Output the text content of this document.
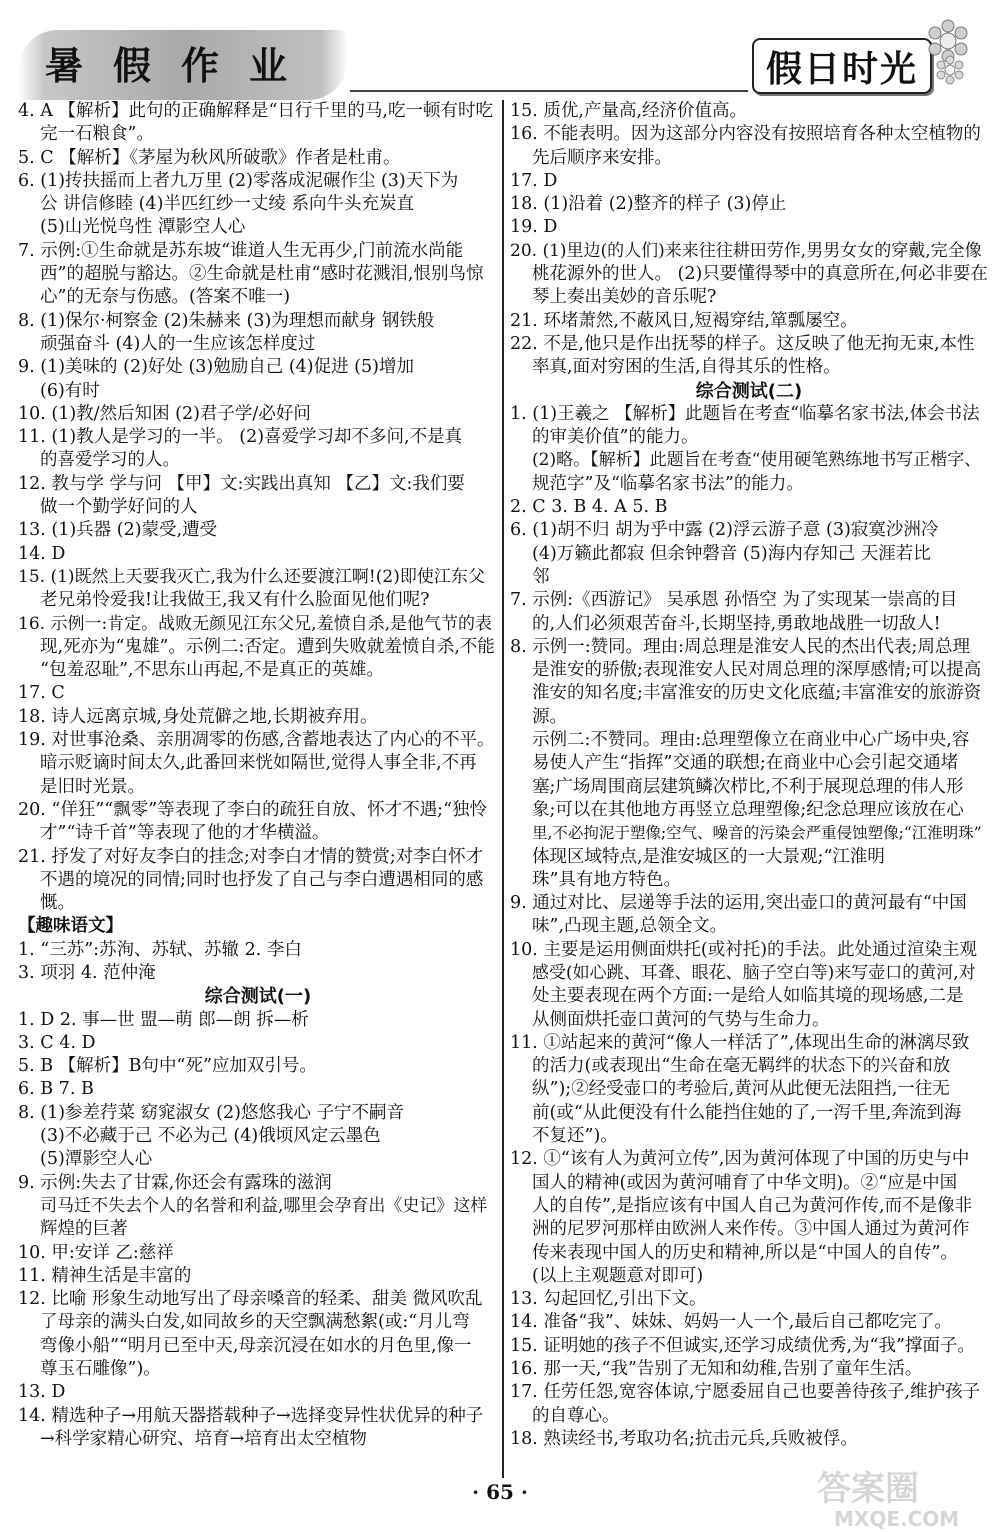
暑 假 作 业	假日时光
4. A 【解析】此句的正确解释是“日行千里的马,吃一顿有时吃
完一石粮食”。
5. C 【解析】《茅屋为秋风所破歌》作者是杜甫。
6. (1)抟扶摇而上者九万里 (2)零落成泥碾作尘 (3)天下为
公 讲信修睦 (4)半匹红纱一丈绫 系向牛头充炭直
(5)山光悦鸟性 潭影空人心
7. 示例:①生命就是苏东坡“谁道人生无再少,门前流水尚能
西”的超脱与豁达。②生命就是杜甫“感时花溅泪,恨别鸟惊
心”的无奈与伤感。(答案不唯一)
8. (1)保尔·柯察金 (2)朱赫来 (3)为理想而献身 钢铁般
顽强奋斗 (4)人的一生应该怎样度过
9. (1)美味的 (2)好处 (3)勉励自己 (4)促进 (5)增加
(6)有时
10. (1)教/然后知困 (2)君子学/必好问
11. (1)教人是学习的一半。 (2)喜爱学习却不多问,不是真
的喜爱学习的人。
12. 教与学 学与问 【甲】文:实践出真知 【乙】文:我们要
做一个勤学好问的人
13. (1)兵器 (2)蒙受,遭受
14. D
15. (1)既然上天要我灭亡,我为什么还要渡江啊!(2)即使江东父
老兄弟怜爱我!让我做王,我又有什么脸面见他们呢?
16. 示例一:肯定。战败无颜见江东父兄,羞愤自杀,是他气节的表
现,死亦为“鬼雄”。示例二:否定。遭到失败就羞愤自杀,不能
“包羞忍耻”,不思东山再起,不是真正的英雄。
17. C
18. 诗人远离京城,身处荒僻之地,长期被弃用。
19. 对世事沧桑、亲朋凋零的伤感,含蓄地表达了内心的不平。
暗示贬谪时间太久,此番回来恍如隔世,觉得人事全非,不再
是旧时光景。
20. “佯狂”“飘零”等表现了李白的疏狂自放、怀才不遇;“独怜
才”“诗千首”等表现了他的才华横溢。
21. 抒发了对好友李白的挂念;对李白才情的赞赏;对李白怀才
不遇的境况的同情;同时也抒发了自己与李白遭遇相同的感
慨。
【趣味语文】
1. “三苏”:苏洵、苏轼、苏辙 2. 李白
3. 项羽 4. 范仲淹
综合测试(一)
1. D 2. 事—世 盟—萌 郎—朗 拆—析
3. C 4. D
5. B 【解析】B句中“死”应加双引号。
6. B 7. B
8. (1)参差荇菜 窈窕淑女 (2)悠悠我心 子宁不嗣音
(3)不必藏于己 不必为己 (4)俄顷风定云墨色
(5)潭影空人心
9. 示例:失去了甘霖,你还会有露珠的滋润
司马迁不失去个人的名誉和利益,哪里会孕育出《史记》这样
辉煌的巨著
10. 甲:安详 乙:慈祥
11. 精神生活是丰富的
12. 比喻 形象生动地写出了母亲嗓音的轻柔、甜美 微风吹乱
了母亲的满头白发,如同故乡的天空飘满愁絮(或:“月儿弯
弯像小船”“明月已至中天,母亲沉浸在如水的月色里,像一
尊玉石雕像”)。
13. D
14. 精选种子→用航天器搭载种子→选择变异性状优异的种子
→科学家精心研究、培育→培育出太空植物
15. 质优,产量高,经济价值高。
16. 不能表明。因为这部分内容没有按照培育各种太空植物的
先后顺序来安排。
17. D
18. (1)沿着 (2)整齐的样子 (3)停止
19. D
20. (1)里边(的人们)来来往往耕田劳作,男男女女的穿戴,完全像
桃花源外的世人。 (2)只要懂得琴中的真意所在,何必非要在
琴上奏出美妙的音乐呢?
21. 环堵萧然,不蔽风日,短褐穿结,箪瓢屡空。
22. 不是,他只是作出抚琴的样子。这反映了他无拘无束,本性
率真,面对穷困的生活,自得其乐的性格。
综合测试(二)
1. (1)王羲之 【解析】此题旨在考查“临摹名家书法,体会书法
的审美价值”的能力。
(2)略。【解析】此题旨在考查“使用硬笔熟练地书写正楷字、
规范字”及“临摹名家书法”的能力。
2. C 3. B 4. A 5. B
6. (1)胡不归 胡为乎中露 (2)浮云游子意 (3)寂寞沙洲冷
(4)万籁此都寂 但余钟磬音 (5)海内存知己 天涯若比
邻
7. 示例:《西游记》 吴承恩 孙悟空 为了实现某一崇高的目
的,人们必须艰苦奋斗,长期坚持,勇敢地战胜一切敌人!
8. 示例一:赞同。理由:周总理是淮安人民的杰出代表;周总理
是淮安的骄傲;表现淮安人民对周总理的深厚感情;可以提高
淮安的知名度;丰富淮安的历史文化底蕴;丰富淮安的旅游资
源。
示例二:不赞同。理由:总理塑像立在商业中心广场中央,容
易使人产生“指挥”交通的联想;在商业中心会引起交通堵
塞;广场周围商层建筑鳞次栉比,不利于展现总理的伟人形
象;可以在其他地方再竖立总理塑像;纪念总理应该放在心
里,不必拘泥于塑像;空气、噪音的污染会严重侵蚀塑像;“江淮明珠”
体现区域特点,是淮安城区的一大景观;“江淮明
珠”具有地方特色。
9. 通过对比、层递等手法的运用,突出壶口的黄河最有“中国
味”,凸现主题,总领全文。
10. 主要是运用侧面烘托(或衬托)的手法。此处通过渲染主观
感受(如心跳、耳聋、眼花、脑子空白等)来写壶口的黄河,对
处主要表现在两个方面:一是给人如临其境的现场感,二是
从侧面烘托壶口黄河的气势与生命力。
11. ①站起来的黄河“像人一样活了”,体现出生命的淋漓尽致
的活力(或表现出“生命在毫无羁绊的状态下的兴奋和放
纵”);②经受壶口的考验后,黄河从此便无法阻挡,一往无
前(或“从此便没有什么能挡住她的了,一泻千里,奔流到海
不复还”)。
12. ①“该有人为黄河立传”,因为黄河体现了中国的历史与中
国人的精神(或因为黄河哺育了中华文明)。②“应是中国
人的自传”,是指应该有中国人自己为黄河作传,而不是像非
洲的尼罗河那样由欧洲人来作传。③中国人通过为黄河作
传来表现中国人的历史和精神,所以是“中国人的自传”。
(以上主观题意对即可)
13. 勾起回忆,引出下文。
14. 准备“我”、妹妹、妈妈一人一个,最后自己都吃完了。
15. 证明她的孩子不但诚实,还学习成绩优秀,为“我”撑面子。
16. 那一天,“我”告别了无知和幼稚,告别了童年生活。
17. 任劳任怨,宽容体谅,宁愿委屈自己也要善待孩子,维护孩子
的自尊心。
18. 熟读经书,考取功名;抗击元兵,兵败被俘。
· 65 ·	答案圈
MXQE.COM
